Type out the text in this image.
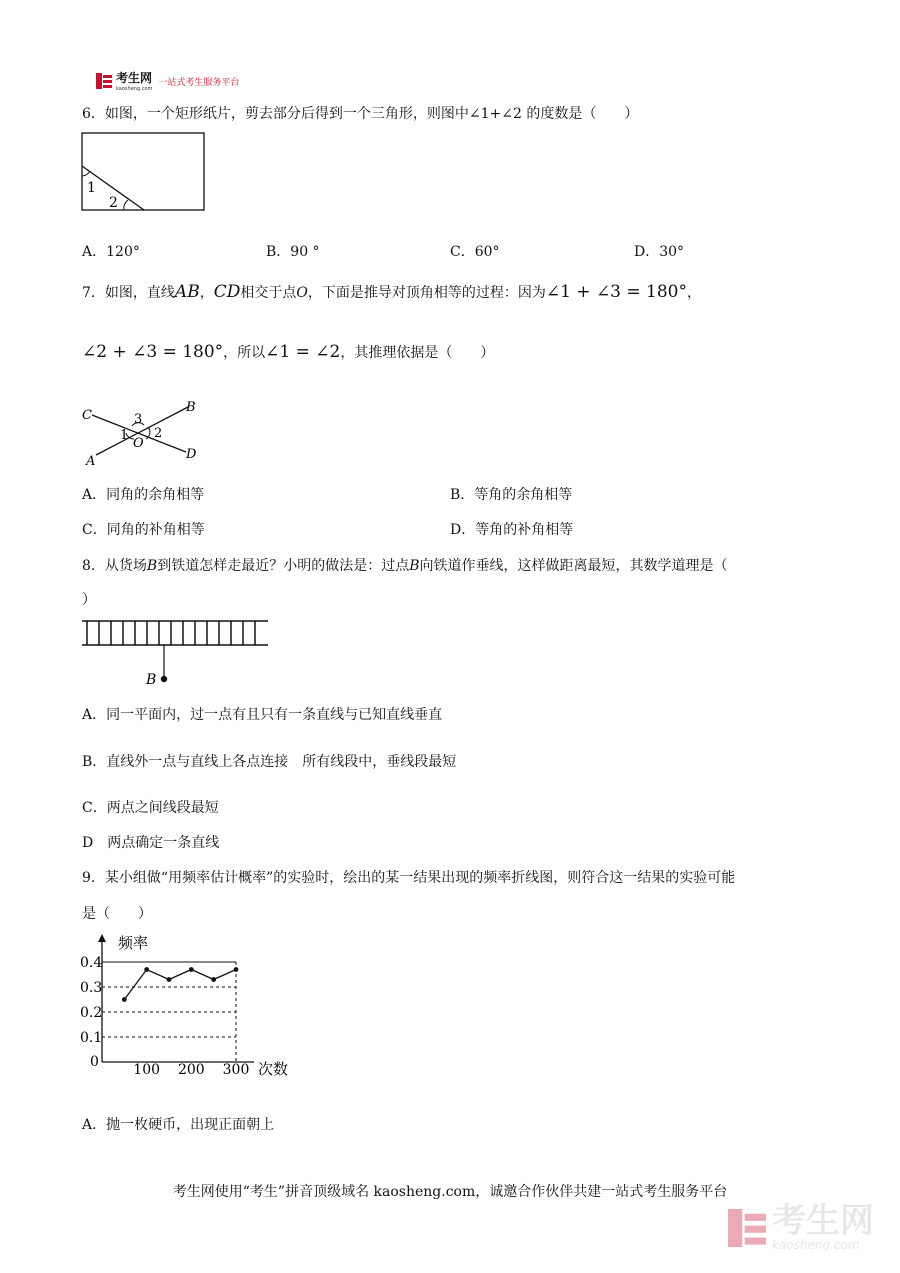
考生网
kaosheng.com
一站式考生服务平台
6．如图，一个矩形纸片，剪去部分后得到一个三角形，则图中∠1+∠2 的度数是（　　）
1
2
A．120°	B．90 °	C．60°	D．30°
7．如图，直线AB，CD相交于点O，下面是推导对顶角相等的过程：因为∠1 + ∠3 = 180°，
∠2 + ∠3 = 180°，所以∠1 = ∠2，其推理依据是（　　）
C
B
A	D
O
1 2
3
A．同角的余角相等	B．等角的余角相等
C．同角的补角相等	D．等角的补角相等
8．从货场B到铁道怎样走最近？小明的做法是：过点B向铁道作垂线，这样做距离最短，其数学道理是（
）
B
A．同一平面内，过一点有且只有一条直线与已知直线垂直
B．直线外一点与直线上各点连接　所有线段中，垂线段最短
C．两点之间线段最短
D　 两点确定一条直线
9．某小组做“用频率估计概率”的实验时，绘出的某一结果出现的频率折线图，则符合这一结果的实验可能
是（　　）
频率
次数
0
0.1
0.2
0.3
0.4
100 200 300
A．抛一枚硬币，出现正面朝上
考生网使用“考生”拼音顶级域名 kaosheng.com，诚邀合作伙伴共建一站式考生服务平台
考生网
kaosheng.com
